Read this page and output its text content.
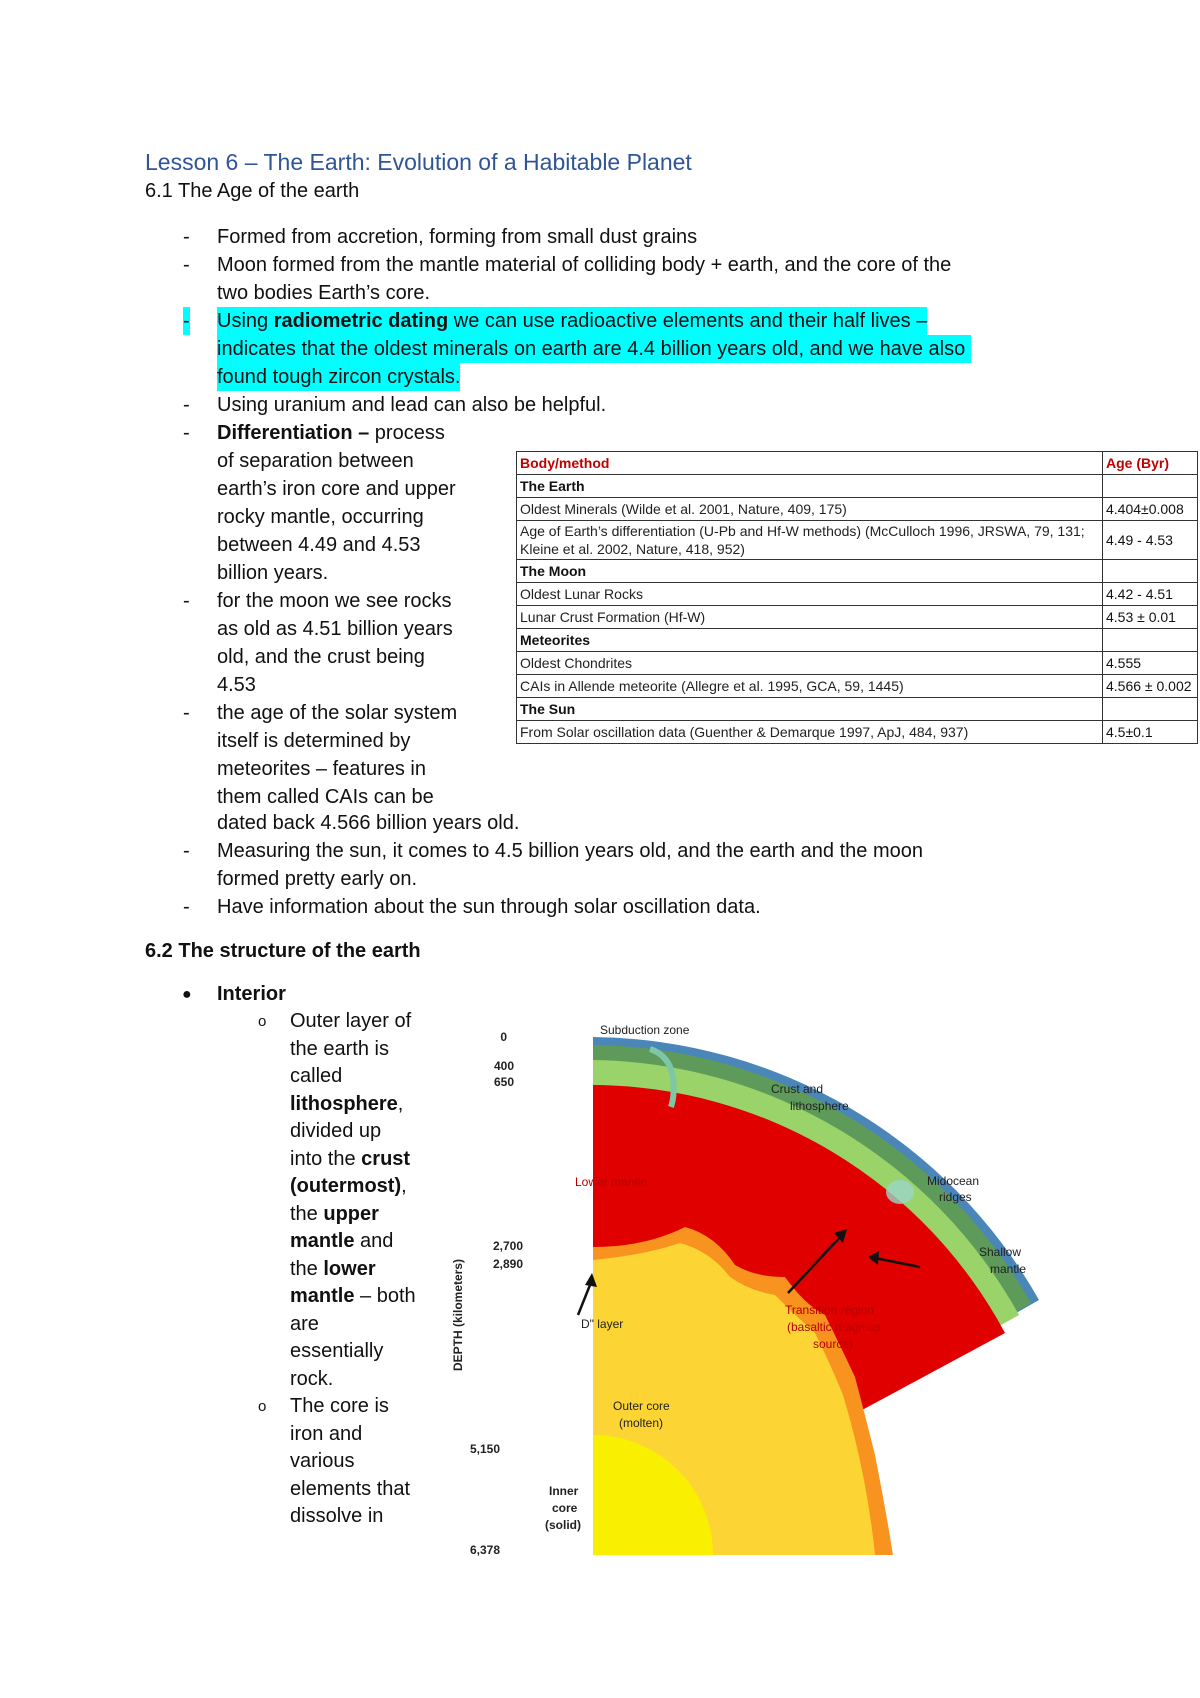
Lesson 6 – The Earth: Evolution of a Habitable Planet
6.1 The Age of the earth
- Formed from accretion, forming from small dust grains
- Moon formed from the mantle material of colliding body + earth, and the core of the
two bodies Earth’s core.
- Using radiometric dating we can use radioactive elements and their half lives –
indicates that the oldest minerals on earth are 4.4 billion years old, and we have also
found tough zircon crystals.
- Using uranium and lead can also be helpful.
- Differentiation – process
of separation between
earth’s iron core and upper
rocky mantle, occurring
between 4.49 and 4.53
billion years.
- for the moon we see rocks
as old as 4.51 billion years
old, and the crust being
4.53
- the age of the solar system
itself is determined by
meteorites – features in
them called CAIs can be
dated back 4.566 billion years old.
- Measuring the sun, it comes to 4.5 billion years old, and the earth and the moon
formed pretty early on.
- Have information about the sun through solar oscillation data.
Body/method	Age (Byr)
The Earth	
Oldest Minerals (Wilde et al. 2001, Nature, 409, 175)	4.404±0.008
Age of Earth’s differentiation (U-Pb and Hf-W methods) (McCulloch 1996, JRSWA, 79, 131; Kleine et al. 2002, Nature, 418, 952)	4.49 - 4.53
The Moon	
Oldest Lunar Rocks	4.42 - 4.51
Lunar Crust Formation (Hf-W)	4.53 ± 0.01
Meteorites	
Oldest Chondrites	4.555
CAIs in Allende meteorite (Allegre et al. 1995, GCA, 59, 1445)	4.566 ± 0.002
The Sun	
From Solar oscillation data (Guenther & Demarque 1997, ApJ, 484, 937)	4.5±0.1
6.2 The structure of the earth
● Interior
o Outer layer of
the earth is
called
lithosphere,
divided up
into the crust
(outermost),
the upper
mantle and
the lower
mantle – both
are
essentially
rock.
o The core is
iron and
various
elements that
dissolve in
DEPTH (kilometers)
0
400
650
2,700
2,890
5,150
6,378
Subduction zone
Crust and
lithosphere
Lower mantle	Midocean
ridges
Shallow
mantle
D" layer
Transition region
(basaltic magmas
source)
Outer core
(molten)
Inner
core
(solid)
